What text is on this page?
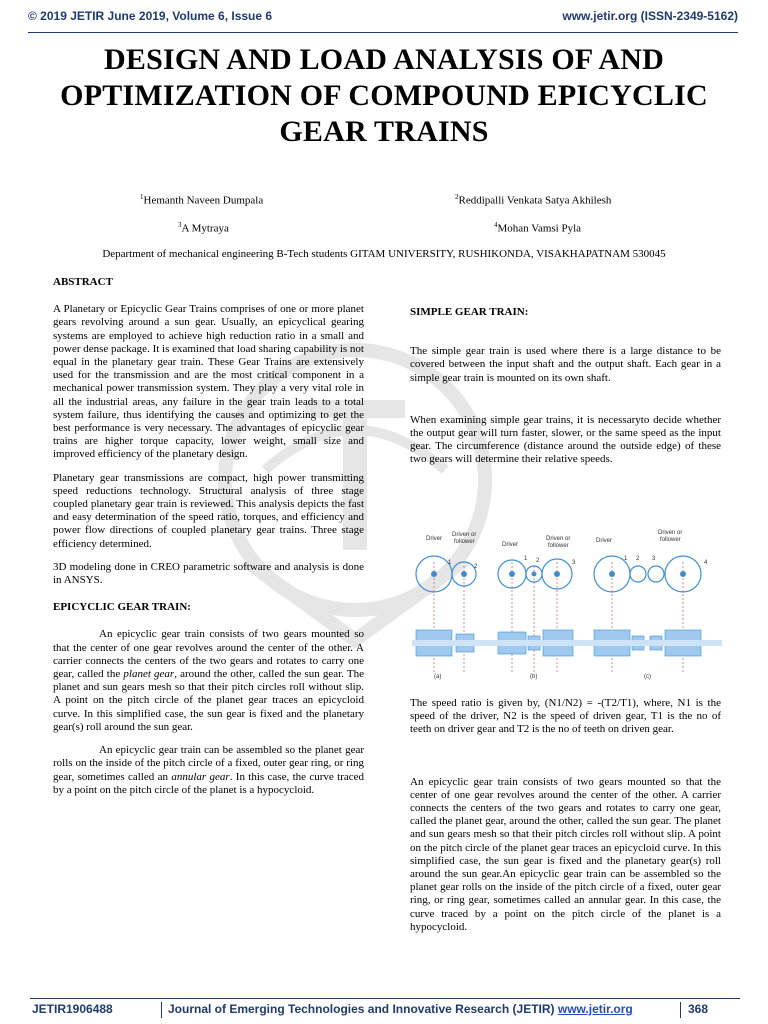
© 2019 JETIR June 2019, Volume 6, Issue 6	www.jetir.org (ISSN-2349-5162)
DESIGN AND LOAD ANALYSIS OF AND
OPTIMIZATION OF COMPOUND EPICYCLIC
GEAR TRAINS
$^1$Hemanth Naveen Dumpala	$^2$Reddipalli Venkata Satya Akhilesh
$^3$A Mytraya	$^4$Mohan Vamsi Pyla
Department of mechanical engineering B-Tech students GITAM UNIVERSITY, RUSHIKONDA, VISAKHAPATNAM 530045
ABSTRACT

A Planetary or Epicyclic Gear Trains comprises of one or more planet gears revolving around a sun gear. Usually, an epicyclical gearing systems are employed to achieve high reduction ratio in a small and power dense package. It is examined that load sharing capability is not equal in the planetary gear train. These Gear Trains are extensively used for the transmission and are the most critical component in a mechanical power transmission system. They play a very vital role in all the industrial areas, any failure in the gear train leads to a total system failure, thus identifying the causes and optimizing to get the best performance is very necessary. The advantages of epicyclic gear trains are higher torque capacity, lower weight, small size and improved efficiency of the planetary design.

Planetary gear transmissions are compact, high power transmitting speed reductions technology. Structural analysis of three stage coupled planetary gear train is reviewed. This analysis depicts the fast and easy determination of the speed ratio, torques, and efficiency and power flow directions of coupled planetary gear trains. Three stage efficiency determined.

3D modeling done in CREO parametric software and analysis is done in ANSYS.

EPICYCLIC GEAR TRAIN:

An epicyclic gear train consists of two gears mounted so that the center of one gear revolves around the center of the other. A carrier connects the centers of the two gears and rotates to carry one gear, called the planet gear, around the other, called the sun gear. The planet and sun gears mesh so that their pitch circles roll without slip. A point on the pitch circle of the planet gear traces an epicycloid curve. In this simplified case, the sun gear is fixed and the planetary gear(s) roll around the sun gear.

An epicyclic gear train can be assembled so the planet gear rolls on the inside of the pitch circle of a fixed, outer gear ring, or ring gear, sometimes called an annular gear. In this case, the curve traced by a point on the pitch circle of the planet is a hypocycloid.

SIMPLE GEAR TRAIN:

The simple gear train is used where there is a large distance to be covered between the input shaft and the output shaft. Each gear in a simple gear train is mounted on its own shaft.

When examining simple gear trains, it is necessaryto decide whether the output gear will turn faster, slower, or the same speed as the input gear. The circumference (distance around the outside edge) of these two gears will determine their relative speeds.

Driver
Driven or
follower
1
2
Driver
Driven or
follower
1 2	3
Driver
Driven or
follower
1 2 3
4
(a)	(b)	(c)

The speed ratio is given by, (N1/N2) = -(T2/T1), where, N1 is the speed of the driver, N2 is the speed of driven gear, T1 is the no of teeth on driver gear and T2 is the no of teeth on driven gear.

An epicyclic gear train consists of two gears mounted so that the center of one gear revolves around the center of the other. A carrier connects the centers of the two gears and rotates to carry one gear, called the planet gear, around the other, called the sun gear. The planet and sun gears mesh so that their pitch circles roll without slip. A point on the pitch circle of the planet gear traces an epicycloid curve. In this simplified case, the sun gear is fixed and the planetary gear(s) roll around the sun gear.An epicyclic gear train can be assembled so the planet gear rolls on the inside of the pitch circle of a fixed, outer gear ring, or ring gear, sometimes called an annular gear. In this case, the curve traced by a point on the pitch circle of the planet is a hypocycloid.

JETIR1906488	Journal of Emerging Technologies and Innovative Research (JETIR) www.jetir.org	368
